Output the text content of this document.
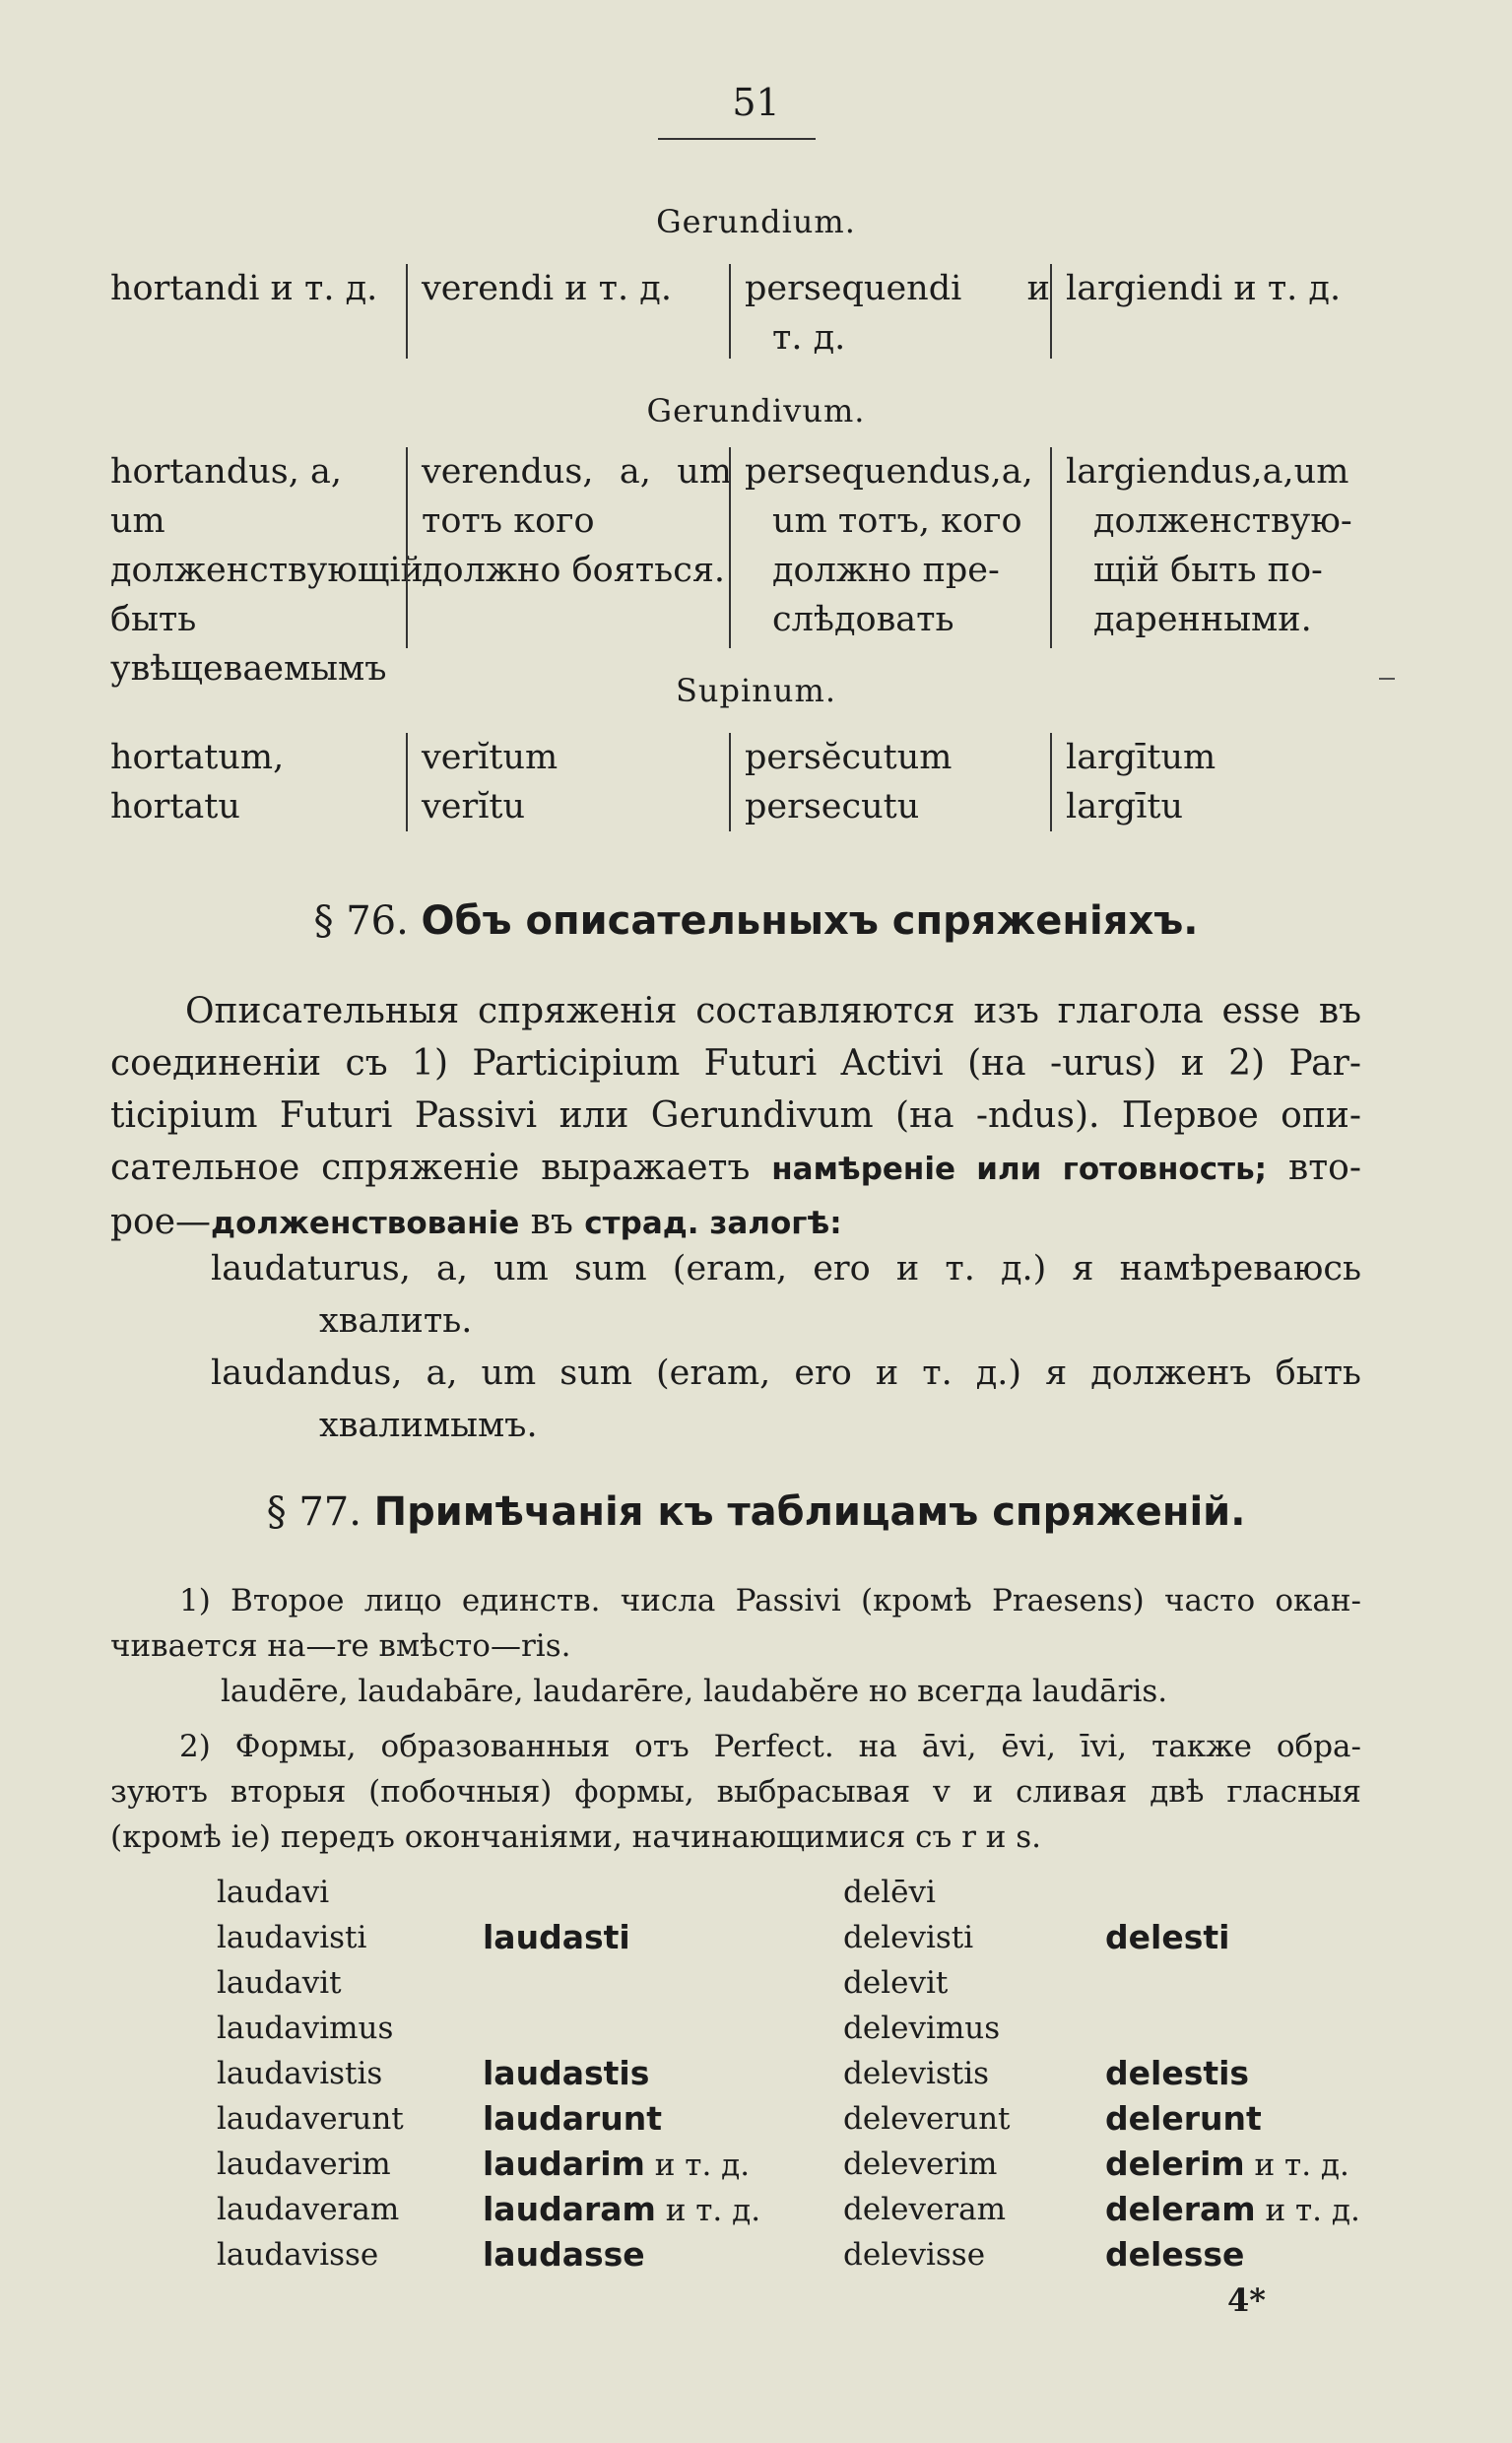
51
Gerundium.
hortandi и т. д.	verendi и т. д.	persequendi и
т. д.
largiendi и т. д.
Gerundivum.
hortandus, a,
um долженствующій быть
увѣщеваемымъ
verendus, a, um
тотъ кого должно бояться.
persequendus,a,
um тотъ, кого должно пре-
слѣдовать
largiendus,a,um
долженствую-
щій быть по-
даренными.
Supinum.
hortatum,
hortatu
verĭtum
verĭtu
persĕcutum
persecutu
largītum
largītu
§ 76. Объ описательныхъ спряженіяхъ.
Описательныя спряженія составляются изъ глагола esse въ
соединеніи съ 1) Participium Futuri Activi (на -urus) и 2) Par-
ticipium Futuri Passivi или Gerundivum (на -ndus). Первое опи-
сательное спряженіе выражаетъ намѣреніе или готовность; вто-
рое—долженствованіе въ страд. залогѣ:
laudaturus, a, um sum (eram, ero и т. д.) я намѣреваюсь
хвалить.
laudandus, a, um sum (eram, ero и т. д.) я долженъ быть
хвалимымъ.
§ 77. Примѣчанія къ таблицамъ спряженій.
1) Второе лицо единств. числа Passivi (кромѣ Praesens) часто окан-
чивается на—re вмѣсто—ris.
laudēre, laudabāre, laudarēre, laudabĕre но всегда laudāris.
2) Формы, образованныя отъ Perfect. на āvi, ēvi, īvi, также обра-
зуютъ вторыя (побочныя) формы, выбрасывая v и сливая двѣ гласныя
(кромѣ ie) передъ окончаніями, начинающимися съ r и s.
laudavi
laudavisti
laudavit
laudavimus
laudavistis
laudaverunt
laudaverim
laudaveram
laudavisse
laudasti
laudastis
laudarunt
laudarim и т. д.
laudaram и т. д.
laudasse
delēvi
delevisti
delevit
delevimus
delevistis
deleverunt
deleverim
deleveram
delevisse
delesti
delestis
delerunt
delerim и т. д.
deleram и т. д.
delesse
4*
